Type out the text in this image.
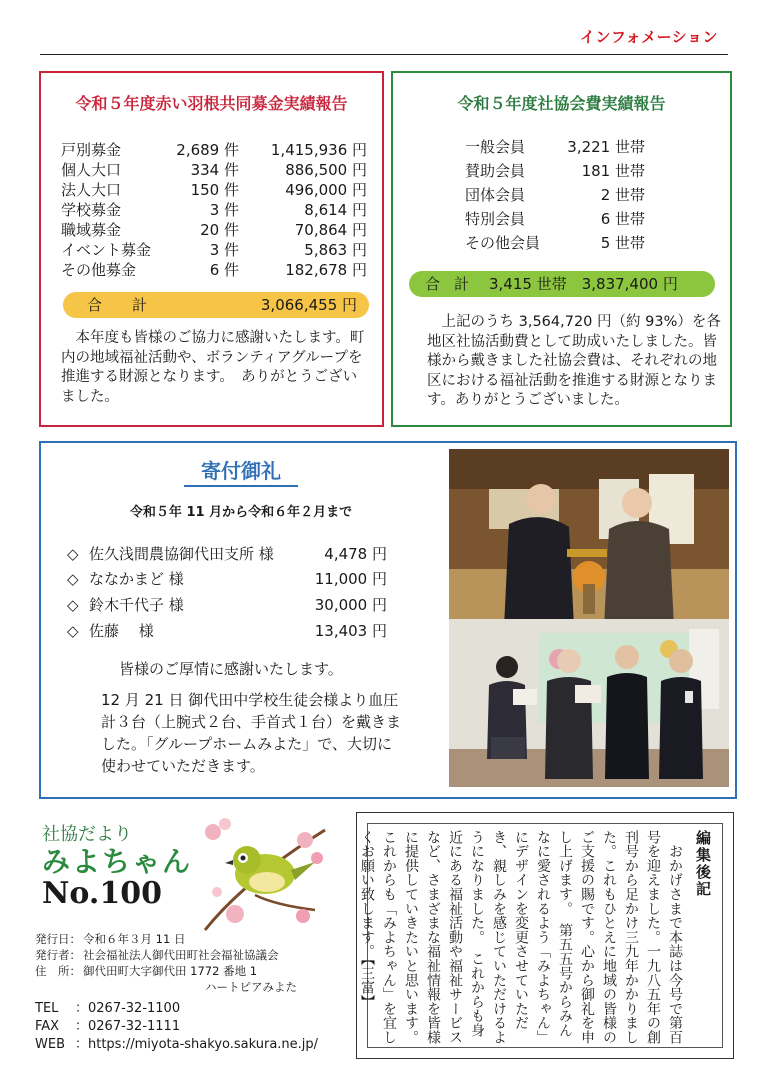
インフォメーション
令和５年度赤い羽根共同募金実績報告
戸別募金	2,689 件	1,415,936 円
個人大口	334 件	886,500 円
法人大口	150 件	496,000 円
学校募金	3 件	8,614 円
職域募金	20 件	70,864 円
イベント募金	3 件	5,863 円
その他募金	6 件	182,678 円
合計	3,066,455 円
　本年度も皆様のご協力に感謝いたします。町内の地域福祉活動や、ボランティアグループを推進する財源となります。　ありがとうございました。
令和５年度社協会費実績報告
一般会員	3,221 世帯
賛助会員	181 世帯
団体会員	2 世帯
特別会員	6 世帯
その他会員	5 世帯
合計 3,415 世帯　3,837,400 円
　上記のうち 3,564,720 円（約 93%）を各地区社協活動費として助成いたしました。皆様から戴きました社協会費は、それぞれの地区における福祉活動を推進する財源となります。ありがとうございました。
寄付御礼
令和５年 11 月から令和６年２月まで
◇ 佐久浅間農協御代田支所 様	4,478 円
◇ ななかまど 様	11,000 円
◇ 鈴木千代子 様	30,000 円
◇ 佐藤　 様	13,403 円
皆様のご厚情に感謝いたします。
12 月 21 日 御代田中学校生徒会様より血圧計３台（上腕式２台、手首式１台）を戴きました。「グループホームみよた」で、大切に使わせていただきます。
社協だより
みよちゃん
No.100
発行日： 令和６年３月 11 日
発行者： 社会福祉法人御代田町社会福祉協議会
住　所： 御代田町大字御代田 1772 番地 1
ハートピアみよた
TEL ：0267-32-1100
FAX ：0267-32-1111
WEB ：https://miyota-shakyo.sakura.ne.jp/
編集後記
　おかげさまで本誌は今号で第百号を迎えました。一九八五年の創刊号から足かけ三九年かかりました。これもひとえに地域の皆様のご支援の賜です。心から御礼を申し上げます。　第五五号からみんなに愛されるよう「みよちゃん」にデザインを変更させていただき、親しみを感じていただけるようになりました。　これからも身近にある福祉活動や福祉サービスなど、さまざまな福祉情報を皆様に提供していきたいと思います。これからも「みよちゃん」を宜しくお願い致します。【三富】
